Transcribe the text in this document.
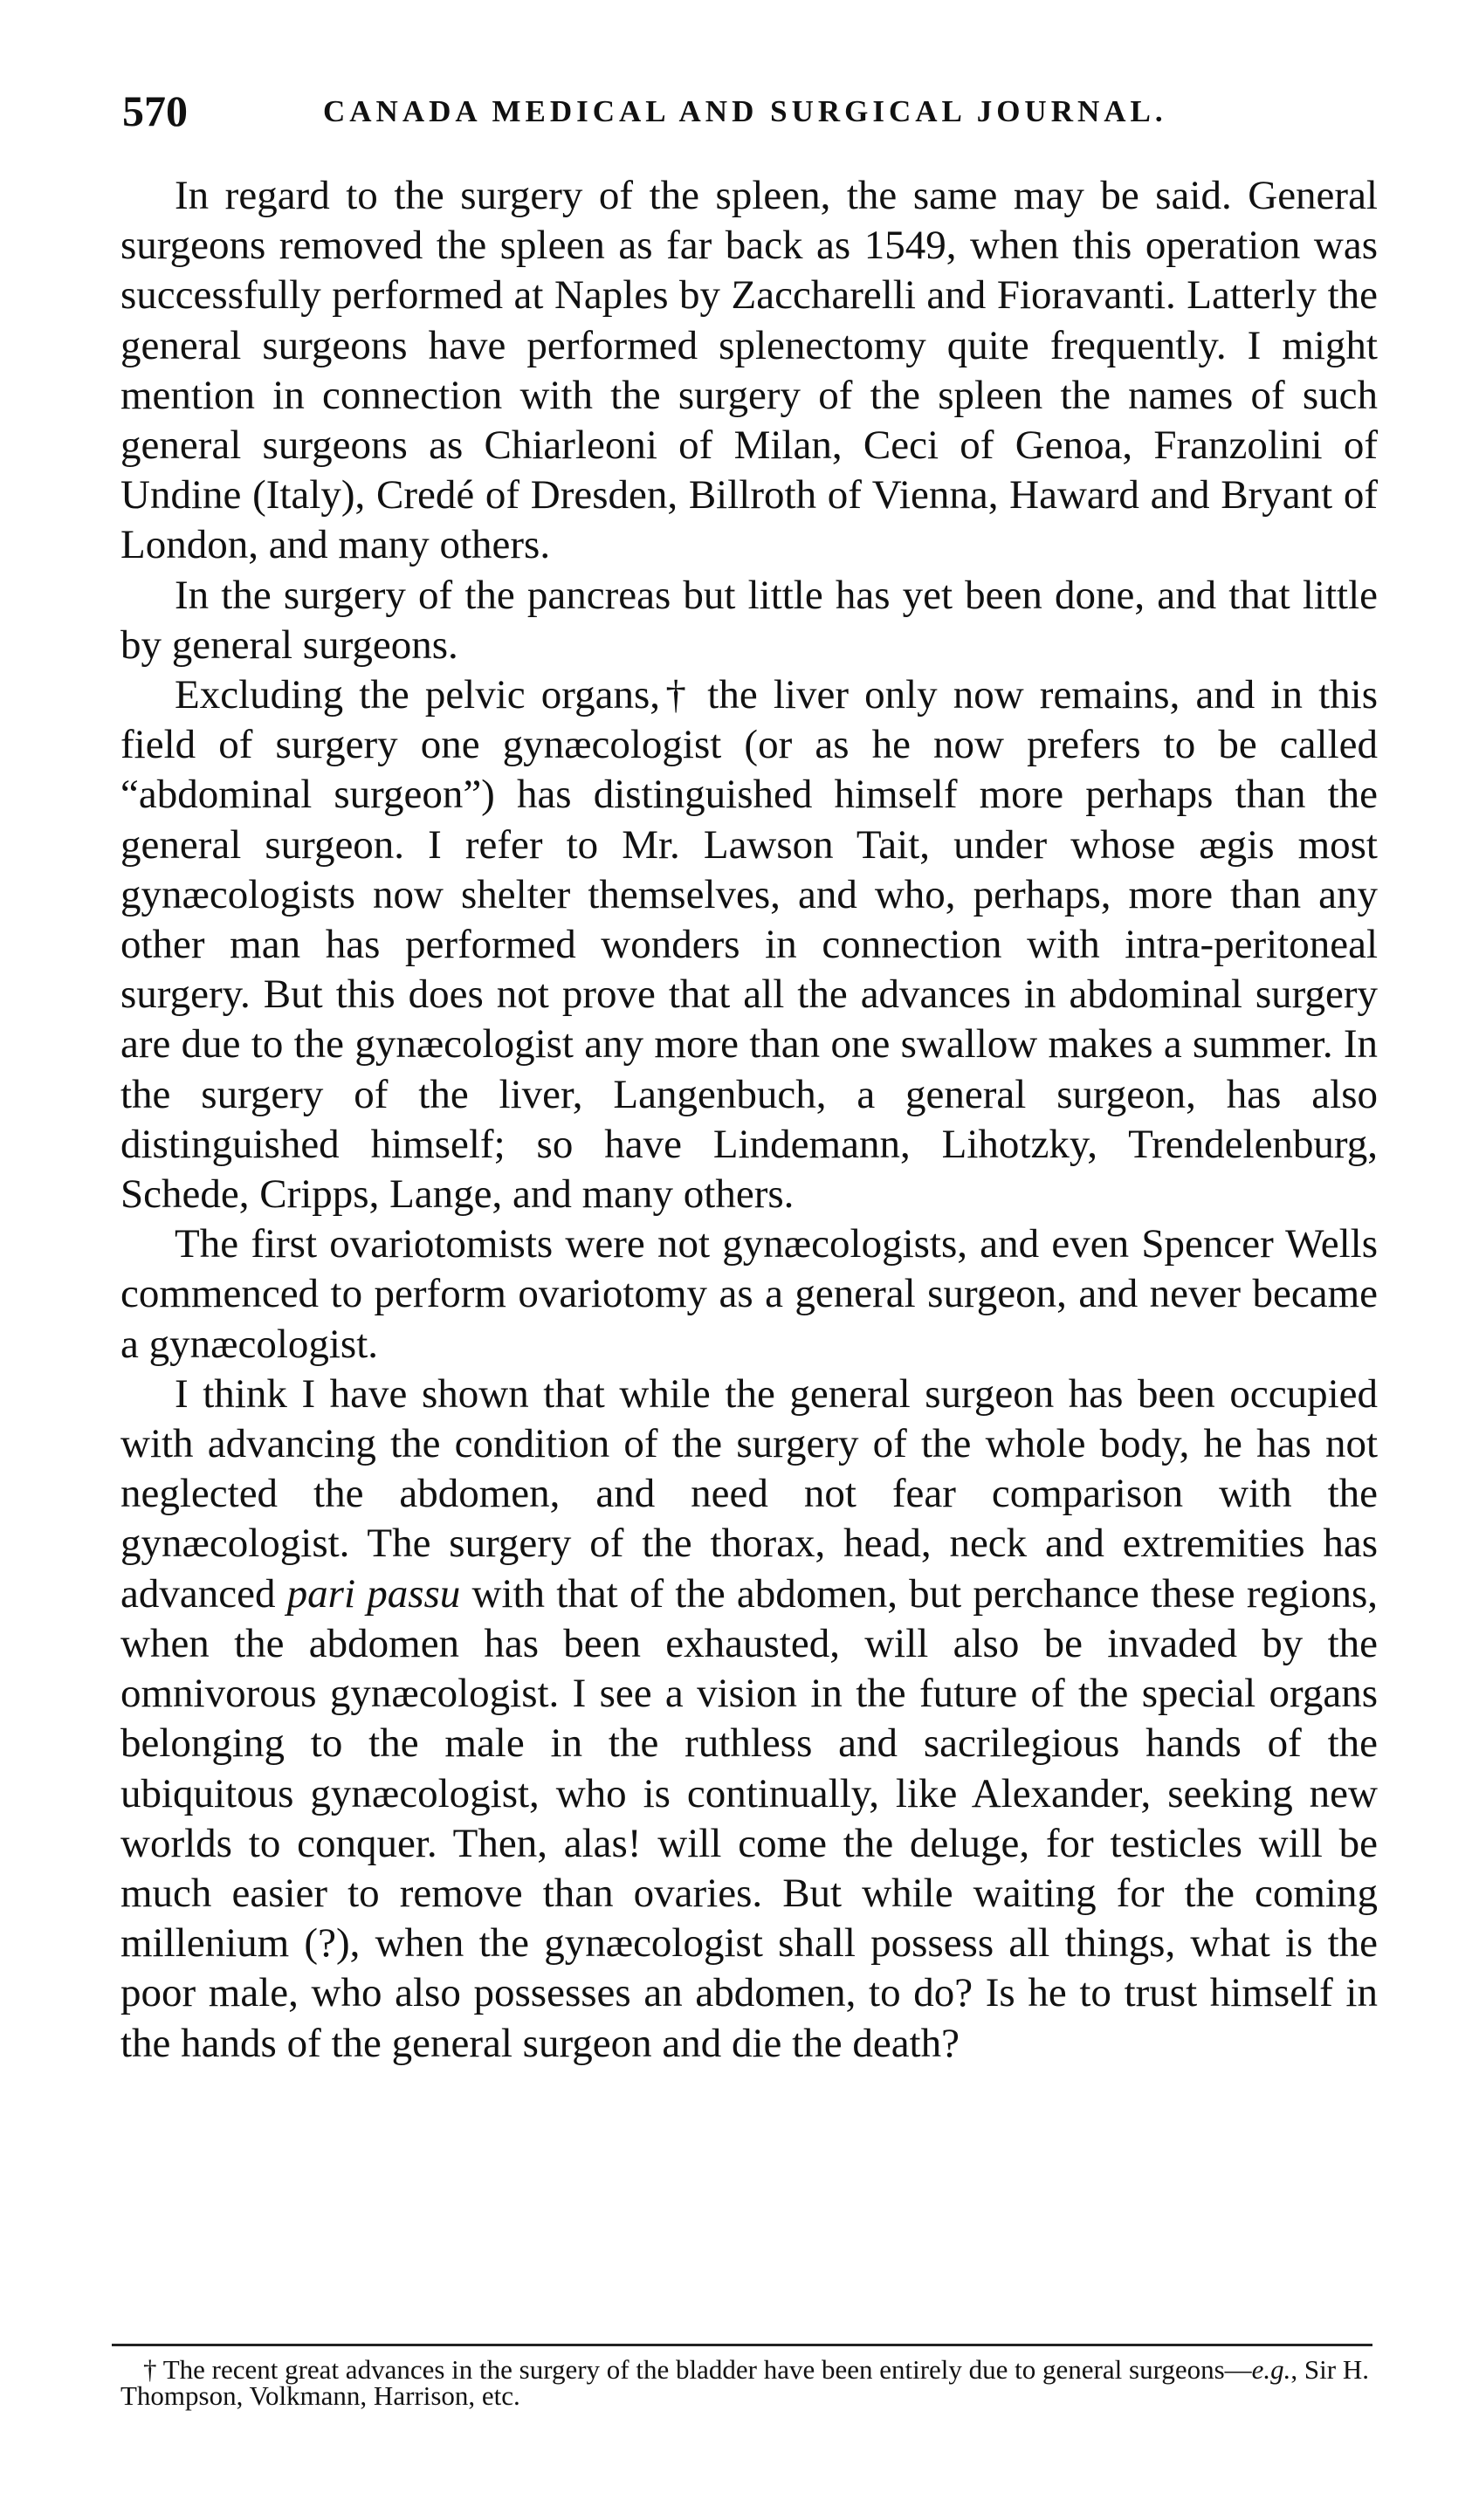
570	CANADA MEDICAL AND SURGICAL JOURNAL.

In regard to the surgery of the spleen, the same may be said. General surgeons removed the spleen as far back as 1549, when this operation was successfully performed at Naples by Zaccharelli and Fioravanti. Latterly the general surgeons have performed splenectomy quite frequently. I might mention in connection with the surgery of the spleen the names of such general surgeons as Chiarleoni of Milan, Ceci of Genoa, Franzolini of Undine (Italy), Credé of Dresden, Billroth of Vienna, Haward and Bryant of London, and many others.

In the surgery of the pancreas but little has yet been done, and that little by general surgeons.

Excluding the pelvic organs,† the liver only now remains, and in this field of surgery one gynæcologist (or as he now prefers to be called “abdominal surgeon”) has distinguished himself more perhaps than the general surgeon. I refer to Mr. Lawson Tait, under whose ægis most gynæcologists now shelter themselves, and who, perhaps, more than any other man has performed wonders in connection with intra-peritoneal surgery. But this does not prove that all the advances in abdominal surgery are due to the gynæcologist any more than one swallow makes a summer. In the surgery of the liver, Langenbuch, a general surgeon, has also distinguished himself; so have Lindemann, Lihotzky, Trendelenburg, Schede, Cripps, Lange, and many others.

The first ovariotomists were not gynæcologists, and even Spencer Wells commenced to perform ovariotomy as a general surgeon, and never became a gynæcologist.

I think I have shown that while the general surgeon has been occupied with advancing the condition of the surgery of the whole body, he has not neglected the abdomen, and need not fear comparison with the gynæcologist. The surgery of the thorax, head, neck and extremities has advanced pari passu with that of the abdomen, but perchance these regions, when the abdomen has been exhausted, will also be invaded by the omnivorous gynæcologist. I see a vision in the future of the special organs belonging to the male in the ruthless and sacrilegious hands of the ubiquitous gynæcologist, who is continually, like Alexander, seeking new worlds to conquer. Then, alas! will come the deluge, for testicles will be much easier to remove than ovaries. But while waiting for the coming millenium (?), when the gynæcologist shall possess all things, what is the poor male, who also possesses an abdomen, to do? Is he to trust himself in the hands of the general surgeon and die the death?

† The recent great advances in the surgery of the bladder have been entirely due to general surgeons—e.g., Sir H. Thompson, Volkmann, Harrison, etc.
